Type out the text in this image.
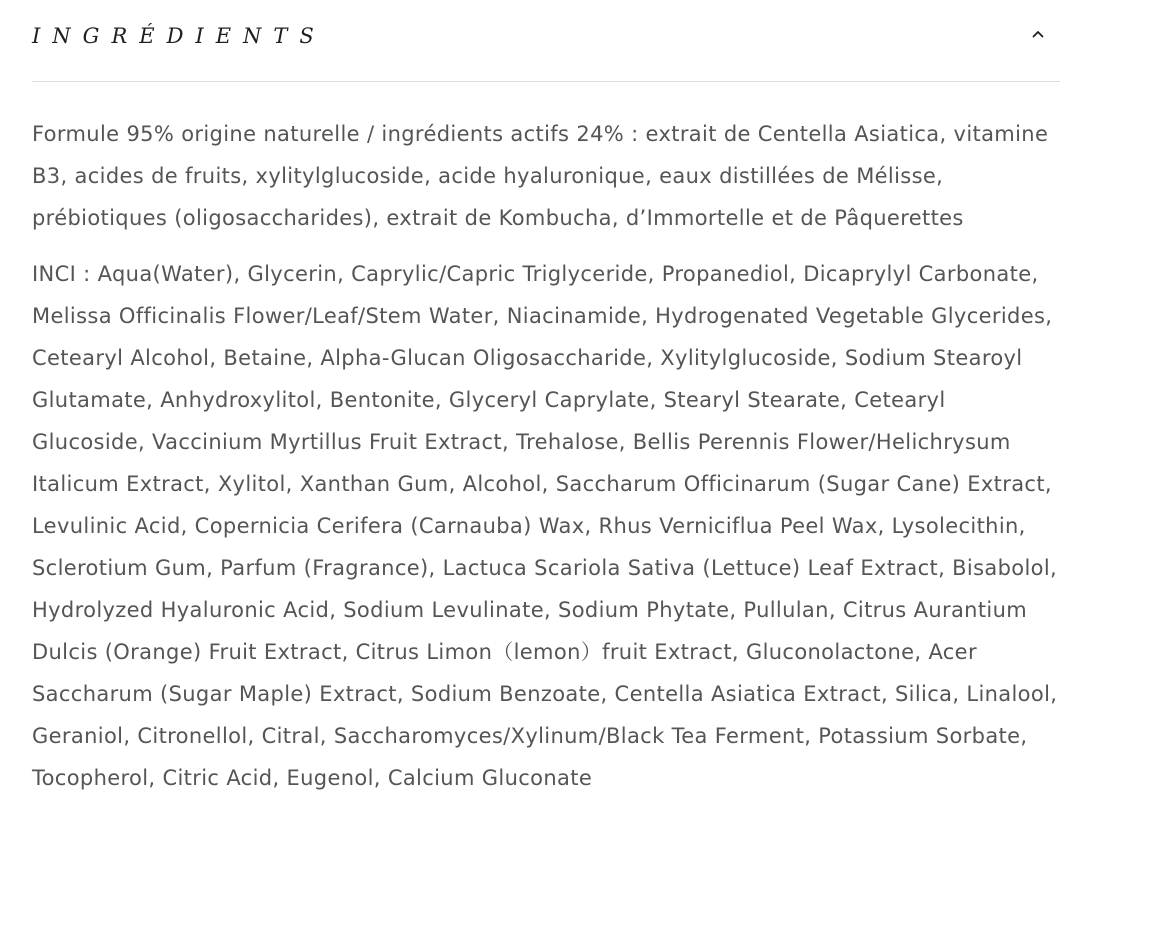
INGRÉDIENTS

Formule 95% origine naturelle / ingrédients actifs 24% : extrait de Centella Asiatica, vitamine B3, acides de fruits, xylitylglucoside, acide hyaluronique, eaux distillées de Mélisse, prébiotiques (oligosaccharides), extrait de Kombucha, d’Immortelle et de Pâquerettes

INCI : Aqua(Water), Glycerin, Caprylic/Capric Triglyceride, Propanediol, Dicaprylyl Carbonate, Melissa Officinalis Flower/Leaf/Stem Water, Niacinamide, Hydrogenated Vegetable Glycerides, Cetearyl Alcohol, Betaine, Alpha-Glucan Oligosaccharide, Xylitylglucoside, Sodium Stearoyl Glutamate, Anhydroxylitol, Bentonite, Glyceryl Caprylate, Stearyl Stearate, Cetearyl Glucoside, Vaccinium Myrtillus Fruit Extract, Trehalose, Bellis Perennis Flower/Helichrysum Italicum Extract, Xylitol, Xanthan Gum, Alcohol, Saccharum Officinarum (Sugar Cane) Extract, Levulinic Acid, Copernicia Cerifera (Carnauba) Wax, Rhus Verniciflua Peel Wax, Lysolecithin, Sclerotium Gum, Parfum (Fragrance), Lactuca Scariola Sativa (Lettuce) Leaf Extract, Bisabolol, Hydrolyzed Hyaluronic Acid, Sodium Levulinate, Sodium Phytate, Pullulan, Citrus Aurantium Dulcis (Orange) Fruit Extract, Citrus Limon（lemon）fruit Extract, Gluconolactone, Acer Saccharum (Sugar Maple) Extract, Sodium Benzoate, Centella Asiatica Extract, Silica, Linalool, Geraniol, Citronellol, Citral, Saccharomyces/Xylinum/Black Tea Ferment, Potassium Sorbate, Tocopherol, Citric Acid, Eugenol, Calcium Gluconate
